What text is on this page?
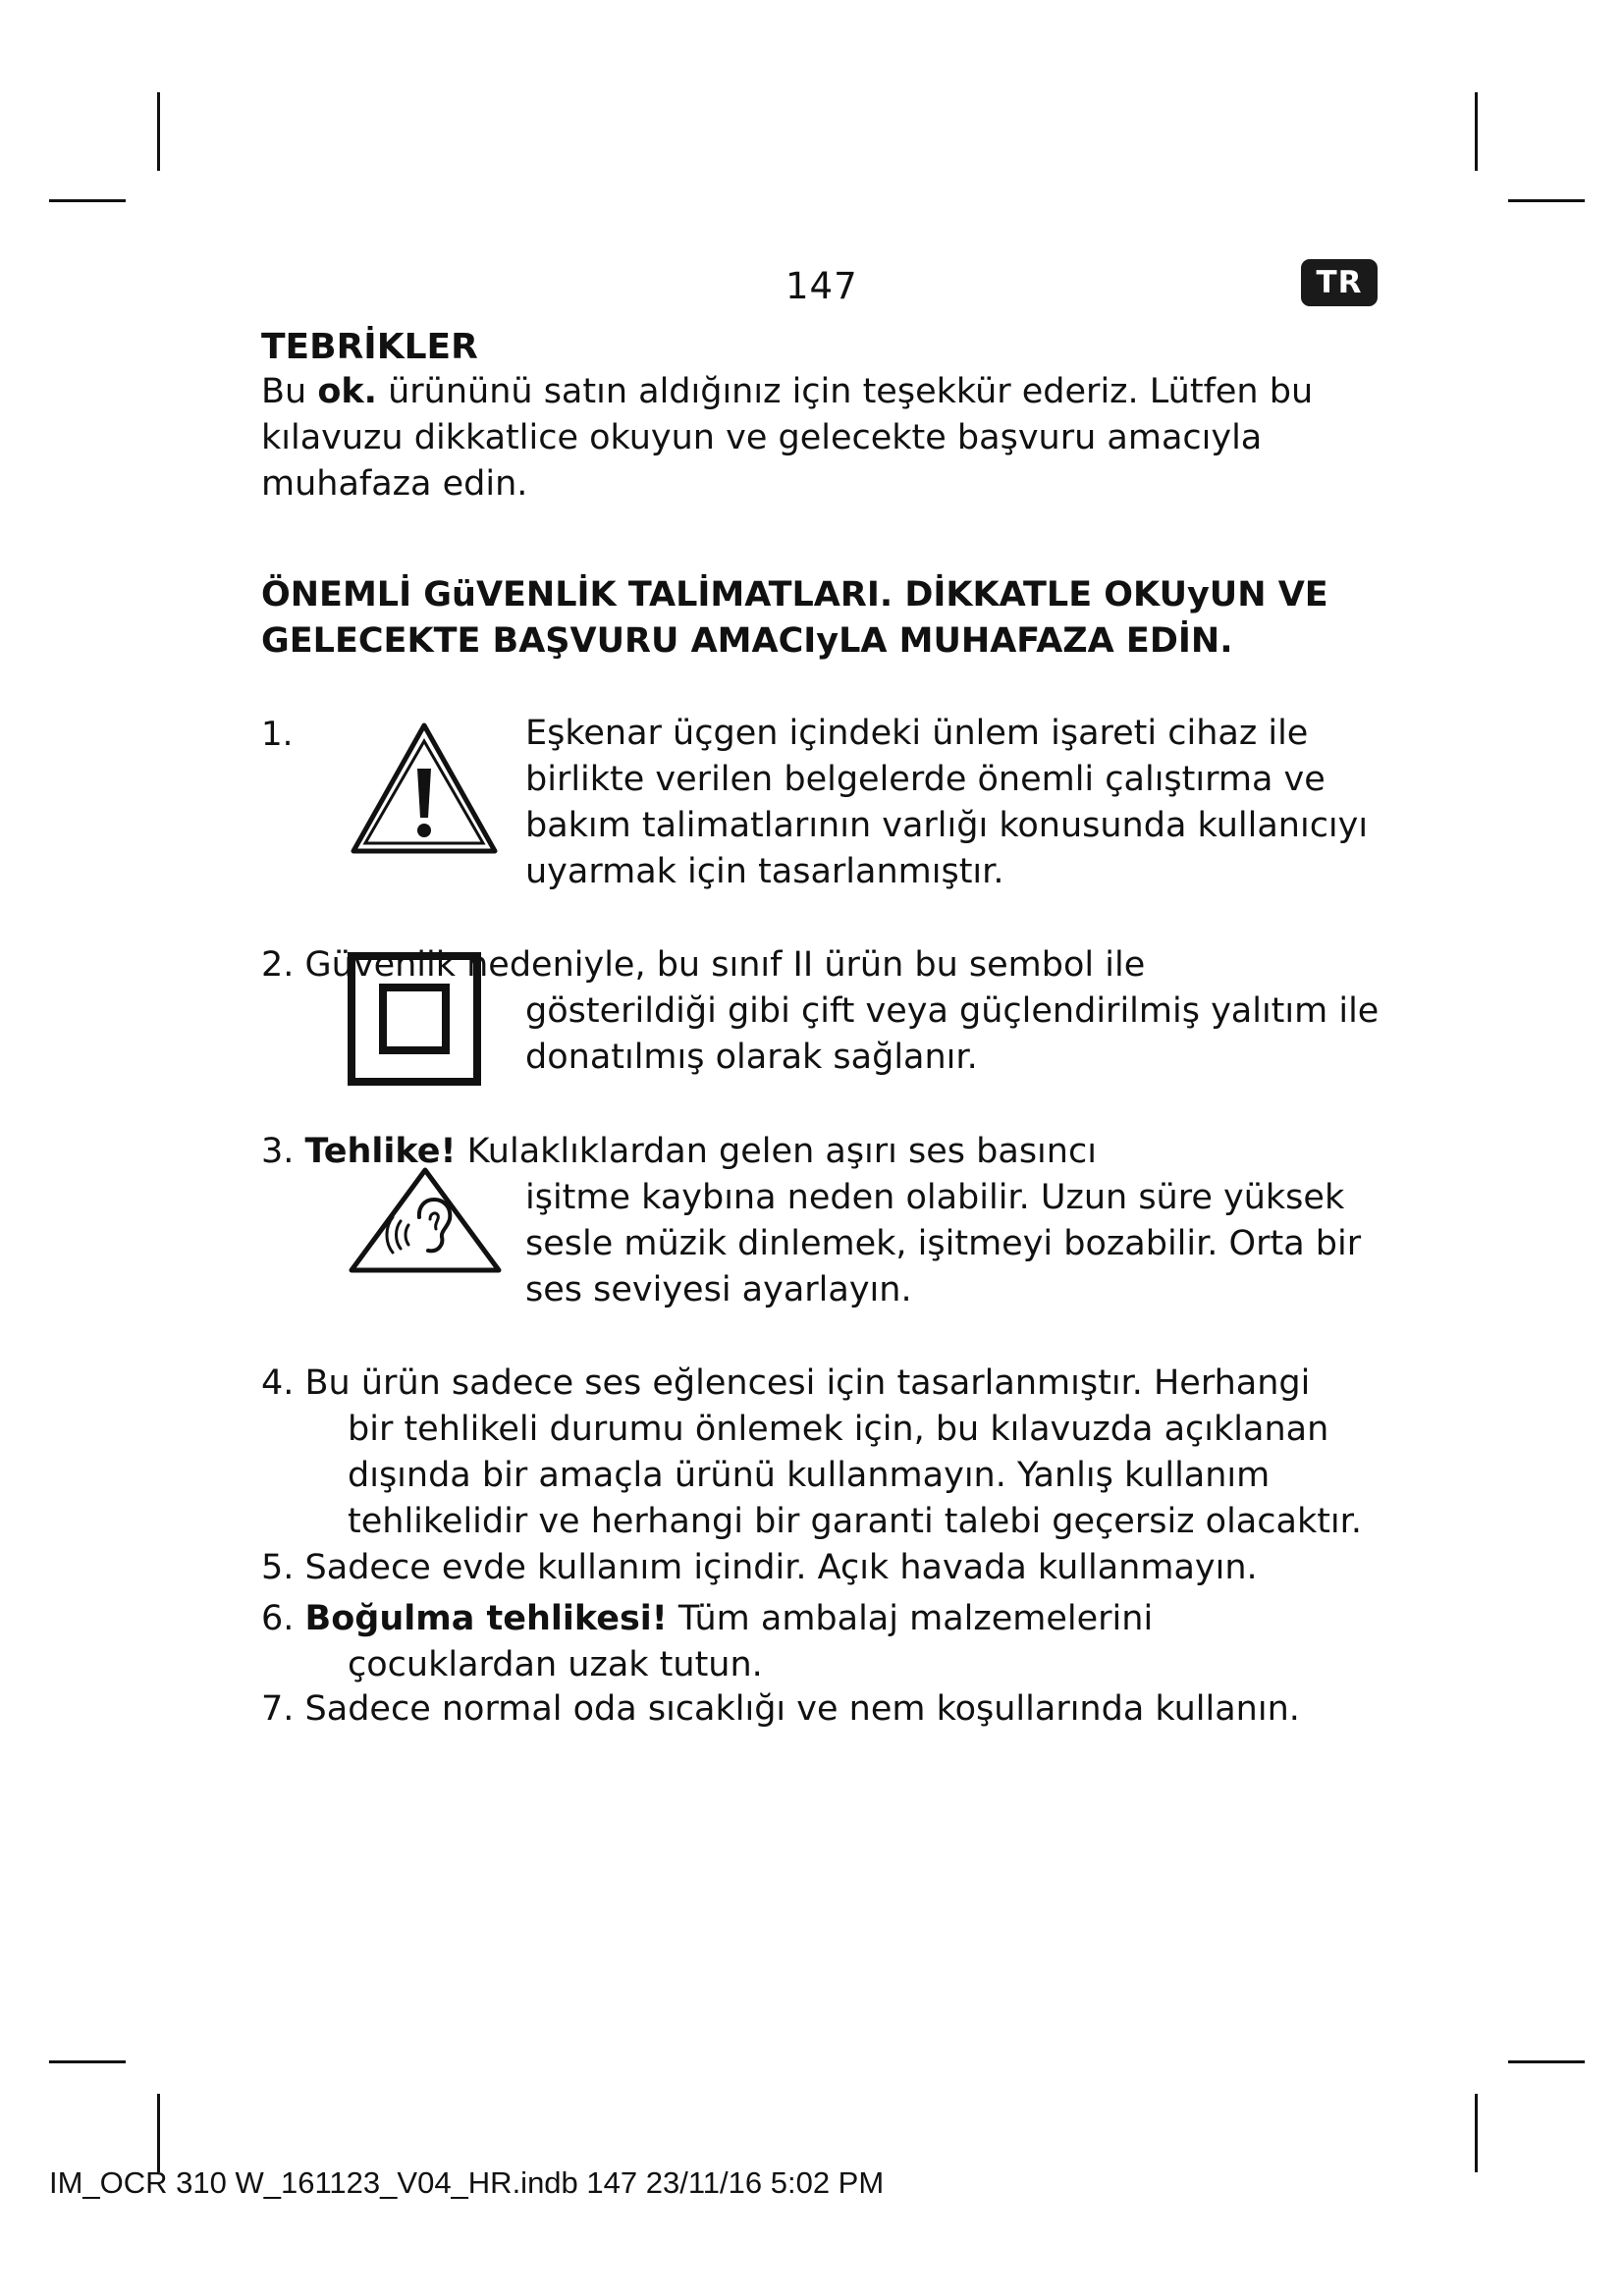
147	TR
TEBRİKLER
Bu ok. ürününü satın aldığınız için teşekkür ederiz. Lütfen bu
kılavuzu dikkatlice okuyun ve gelecekte başvuru amacıyla
muhafaza edin.
ÖNEMLİ GüVENLİK TALİMATLARI. DİKKATLE OKUyUN VE
GELECEKTE BAŞVURU AMACIyLA MUHAFAZA EDİN.
1.	Eşkenar üçgen içindeki ünlem işareti cihaz ile
birlikte verilen belgelerde önemli çalıştırma ve
bakım talimatlarının varlığı konusunda kullanıcıyı
uyarmak için tasarlanmıştır.
2. Güvenlik nedeniyle, bu sınıf II ürün bu sembol ile
gösterildiği gibi çift veya güçlendirilmiş yalıtım ile
donatılmış olarak sağlanır.
3. Tehlike! Kulaklıklardan gelen aşırı ses basıncı
işitme kaybına neden olabilir. Uzun süre yüksek
sesle müzik dinlemek, işitmeyi bozabilir. Orta bir
ses seviyesi ayarlayın.
4. Bu ürün sadece ses eğlencesi için tasarlanmıştır. Herhangi
bir tehlikeli durumu önlemek için, bu kılavuzda açıklanan
dışında bir amaçla ürünü kullanmayın. Yanlış kullanım
tehlikelidir ve herhangi bir garanti talebi geçersiz olacaktır.
5. Sadece evde kullanım içindir. Açık havada kullanmayın.
6. Boğulma tehlikesi! Tüm ambalaj malzemelerini
çocuklardan uzak tutun.
7. Sadece normal oda sıcaklığı ve nem koşullarında kullanın.
IM_OCR 310 W_161123_V04_HR.indb 147 23/11/16 5:02 PM
